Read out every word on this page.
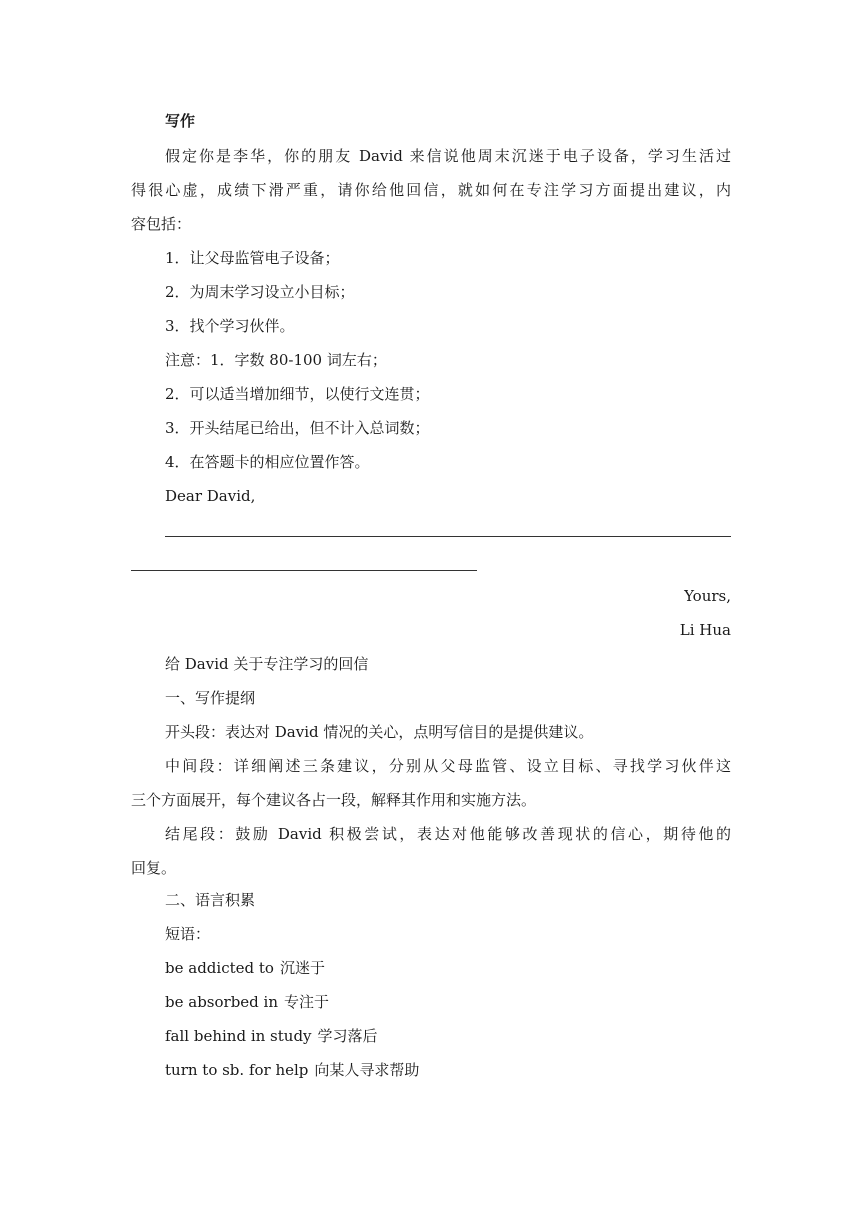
写作
假定你是李华，你的朋友 David 来信说他周末沉迷于电子设备，学习生活过
得很心虚，成绩下滑严重，请你给他回信，就如何在专注学习方面提出建议，内
容包括：
1．让父母监管电子设备；
2．为周末学习设立小目标；
3．找个学习伙伴。
注意：1．字数 80-100 词左右；
2．可以适当增加细节，以使行文连贯；
3．开头结尾已给出，但不计入总词数；
4．在答题卡的相应位置作答。
Dear David,
Yours,
Li Hua
给 David 关于专注学习的回信
一、写作提纲
开头段：表达对 David 情况的关心，点明写信目的是提供建议。
中间段：详细阐述三条建议，分别从父母监管、设立目标、寻找学习伙伴这
三个方面展开，每个建议各占一段，解释其作用和实施方法。
结尾段：鼓励 David 积极尝试，表达对他能够改善现状的信心，期待他的
回复。
二、语言积累
短语：
be addicted to 沉迷于
be absorbed in 专注于
fall behind in study 学习落后
turn to sb. for help 向某人寻求帮助
